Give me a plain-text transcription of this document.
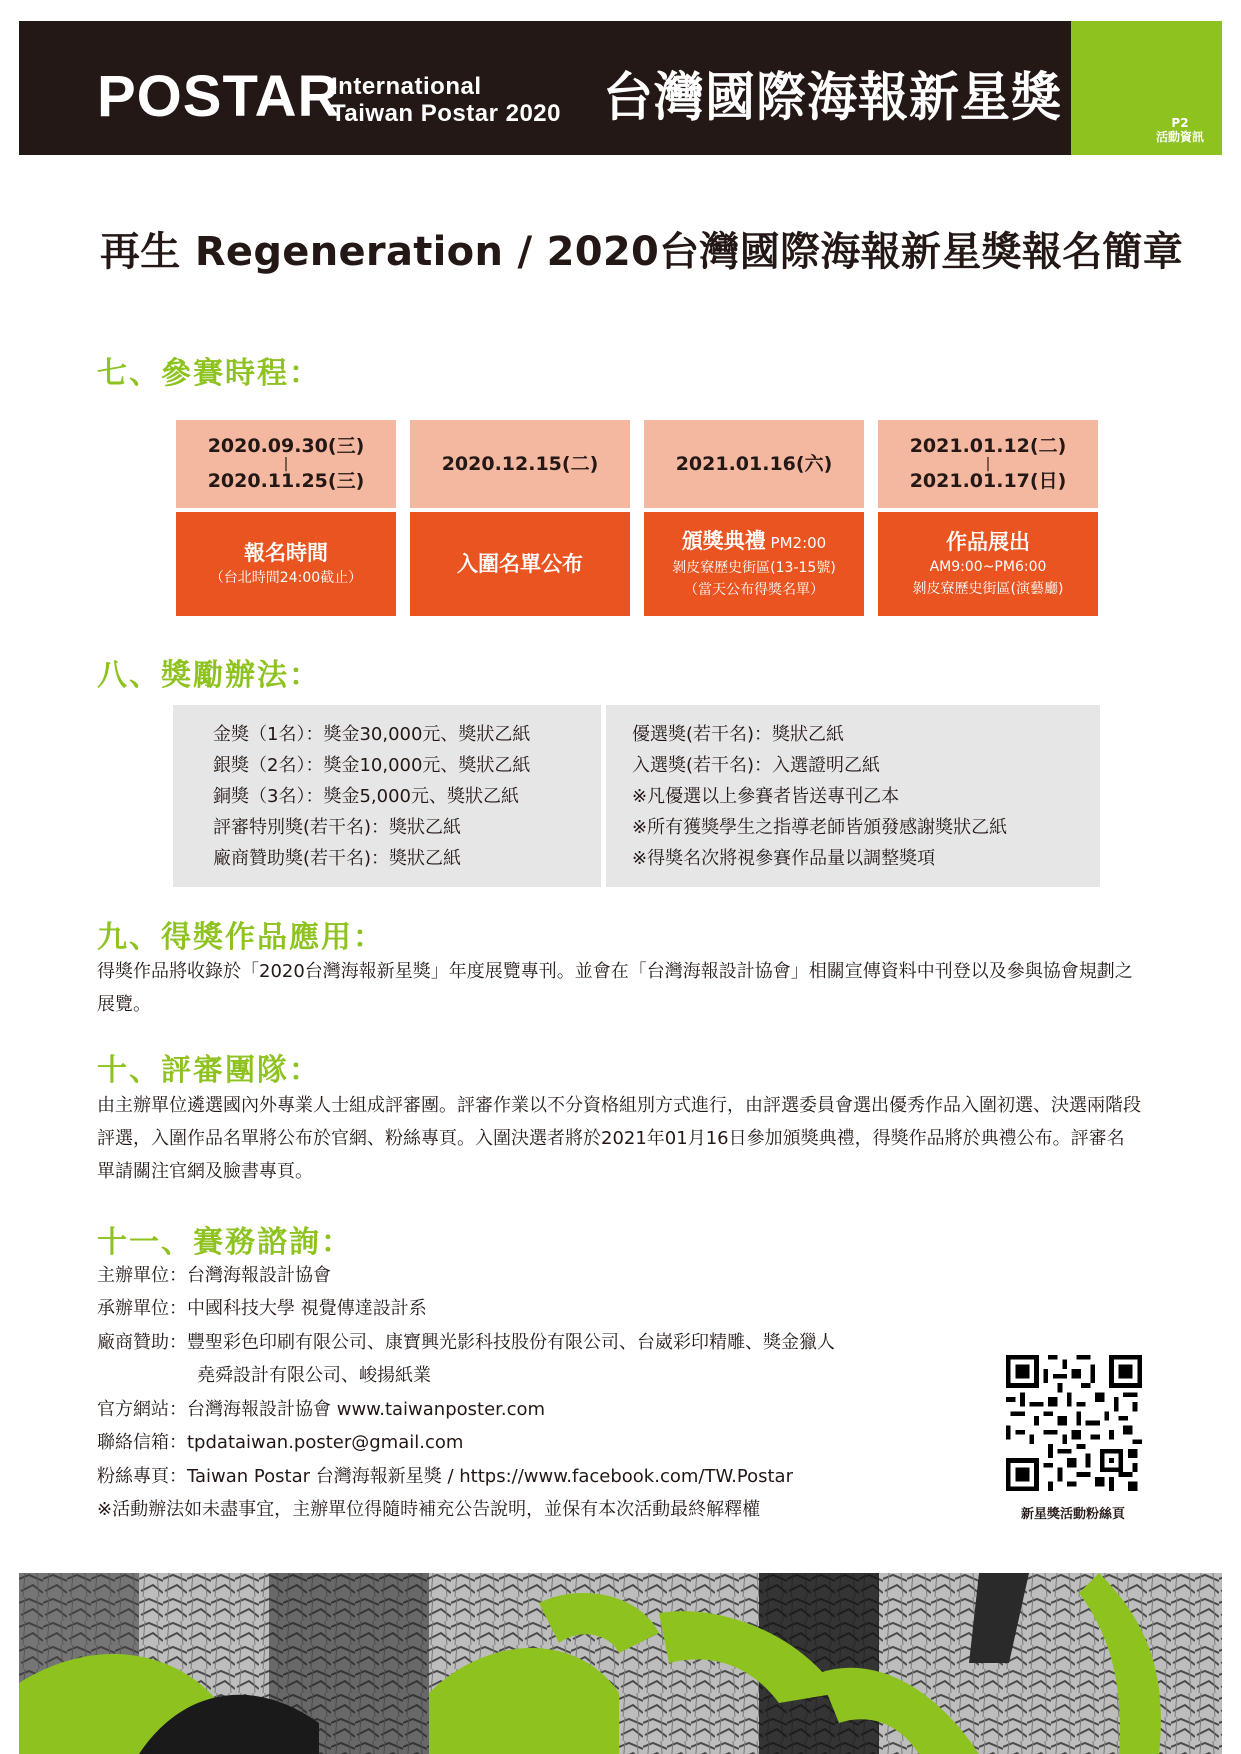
POSTAR
International
Taiwan Postar 2020 台灣國際海報新星獎	P2
活動資訊
再生 Regeneration / 2020台灣國際海報新星獎報名簡章
七、參賽時程：
2020.09.30(三)
|
2020.11.25(三)
報名時間
（台北時間24:00截止）
2020.12.15(二)
入圍名單公布
2021.01.16(六)
頒獎典禮 PM2:00
剝皮寮歷史街區(13-15號)
（當天公布得獎名單）
2021.01.12(二)
|
2021.01.17(日)
作品展出
AM9:00~PM6:00
剝皮寮歷史街區(演藝廳)
八、獎勵辦法：
金獎（1名）：獎金30,000元、獎狀乙紙
銀獎（2名）：獎金10,000元、獎狀乙紙
銅獎（3名）：獎金5,000元、獎狀乙紙
評審特別獎(若干名)：獎狀乙紙
廠商贊助獎(若干名)：獎狀乙紙
優選獎(若干名)：獎狀乙紙
入選獎(若干名)：入選證明乙紙
※凡優選以上參賽者皆送專刊乙本
※所有獲獎學生之指導老師皆頒發感謝獎狀乙紙
※得獎名次將視參賽作品量以調整獎項
九、得獎作品應用：
得獎作品將收錄於「2020台灣海報新星獎」年度展覽專刊。並會在「台灣海報設計協會」相關宣傳資料中刊登以及參與協會規劃之展覽。
十、評審團隊：
由主辦單位遴選國內外專業人士組成評審團。評審作業以不分資格組別方式進行，由評選委員會選出優秀作品入圍初選、決選兩階段評選，入圍作品名單將公布於官網、粉絲專頁。入圍決選者將於2021年01月16日參加頒獎典禮，得獎作品將於典禮公布。評審名單請關注官網及臉書專頁。
十一、賽務諮詢：
主辦單位：台灣海報設計協會
承辦單位：中國科技大學 視覺傳達設計系
廠商贊助：豐聖彩色印刷有限公司、康寶興光影科技股份有限公司、台崴彩印精雕、獎金獵人
堯舜設計有限公司、峻揚紙業
官方網站：台灣海報設計協會 www.taiwanposter.com
聯絡信箱：tpdataiwan.poster@gmail.com
粉絲專頁：Taiwan Postar 台灣海報新星獎 / https://www.facebook.com/TW.Postar
※活動辦法如未盡事宜，主辦單位得隨時補充公告說明，並保有本次活動最終解釋權	新星獎活動粉絲頁
